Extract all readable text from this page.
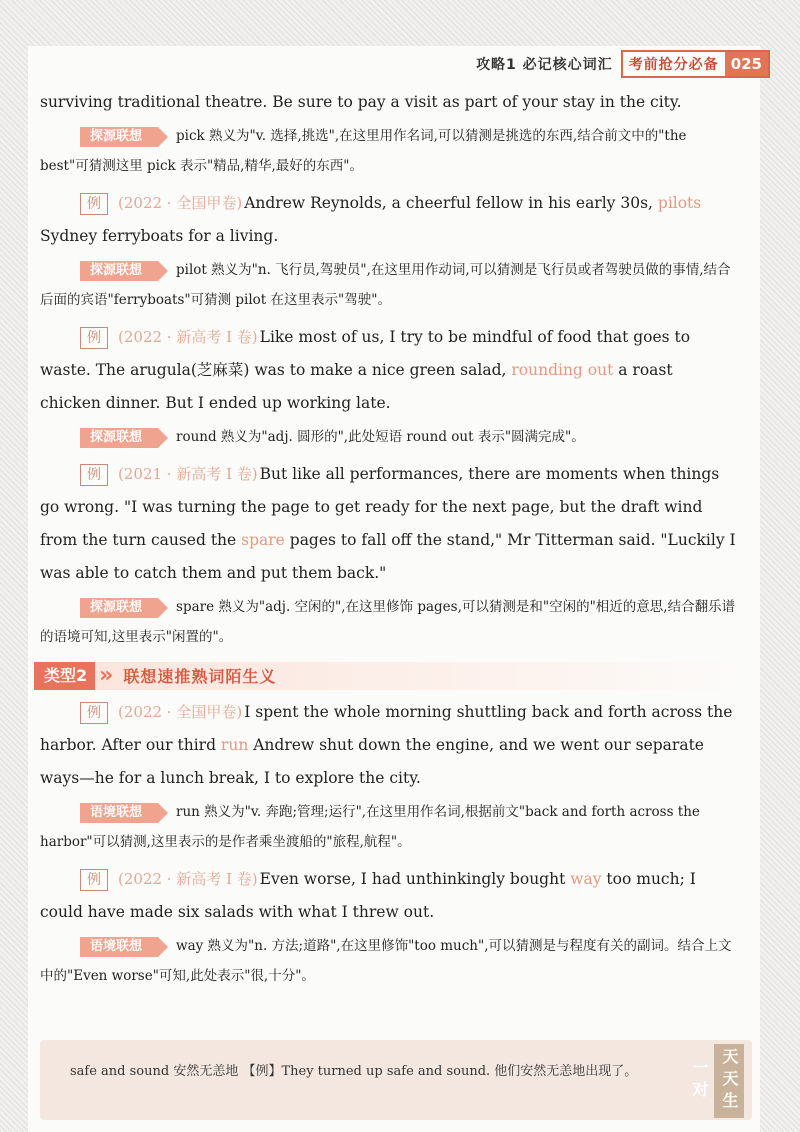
攻略1 必记核心词汇	考前抢分必备 025

surviving traditional theatre. Be sure to pay a visit as part of your stay in the city.

探源联想	pick 熟义为"v. 选择,挑选",在这里用作名词,可以猜测是挑选的东西,结合前文中的"the best"可猜测这里 pick 表示"精品,精华,最好的东西"。

例 (2022 · 全国甲卷) Andrew Reynolds, a cheerful fellow in his early 30s, pilots Sydney ferryboats for a living.

探源联想	pilot 熟义为"n. 飞行员,驾驶员",在这里用作动词,可以猜测是飞行员或者驾驶员做的事情,结合后面的宾语"ferryboats"可猜测 pilot 在这里表示"驾驶"。

例 (2022 · 新高考 Ⅰ 卷) Like most of us, I try to be mindful of food that goes to waste. The arugula(芝麻菜) was to make a nice green salad, rounding out a roast chicken dinner. But I ended up working late.

探源联想	round 熟义为"adj. 圆形的",此处短语 round out 表示"圆满完成"。

例 (2021 · 新高考 Ⅰ 卷) But like all performances, there are moments when things go wrong. "I was turning the page to get ready for the next page, but the draft wind from the turn caused the spare pages to fall off the stand," Mr Titterman said. "Luckily I was able to catch them and put them back."

探源联想	spare 熟义为"adj. 空闲的",在这里修饰 pages,可以猜测是和"空闲的"相近的意思,结合翻乐谱的语境可知,这里表示"闲置的"。

类型2 » 联想速推熟词陌生义

例 (2022 · 全国甲卷) I spent the whole morning shuttling back and forth across the harbor. After our third run Andrew shut down the engine, and we went our separate ways—he for a lunch break, I to explore the city.

语境联想	run 熟义为"v. 奔跑;管理;运行",在这里用作名词,根据前文"back and forth across the harbor"可以猜测,这里表示的是作者乘坐渡船的"旅程,航程"。

例 (2022 · 新高考 Ⅰ 卷) Even worse, I had unthinkingly bought way too much; I could have made six salads with what I threw out.

语境联想	way 熟义为"n. 方法;道路",在这里修饰"too much",可以猜测是与程度有关的副词。结合上文中的"Even worse"可知,此处表示"很,十分"。

safe and sound 安然无恙地 【例】They turned up safe and sound. 他们安然无恙地出现了。	天天生一对
